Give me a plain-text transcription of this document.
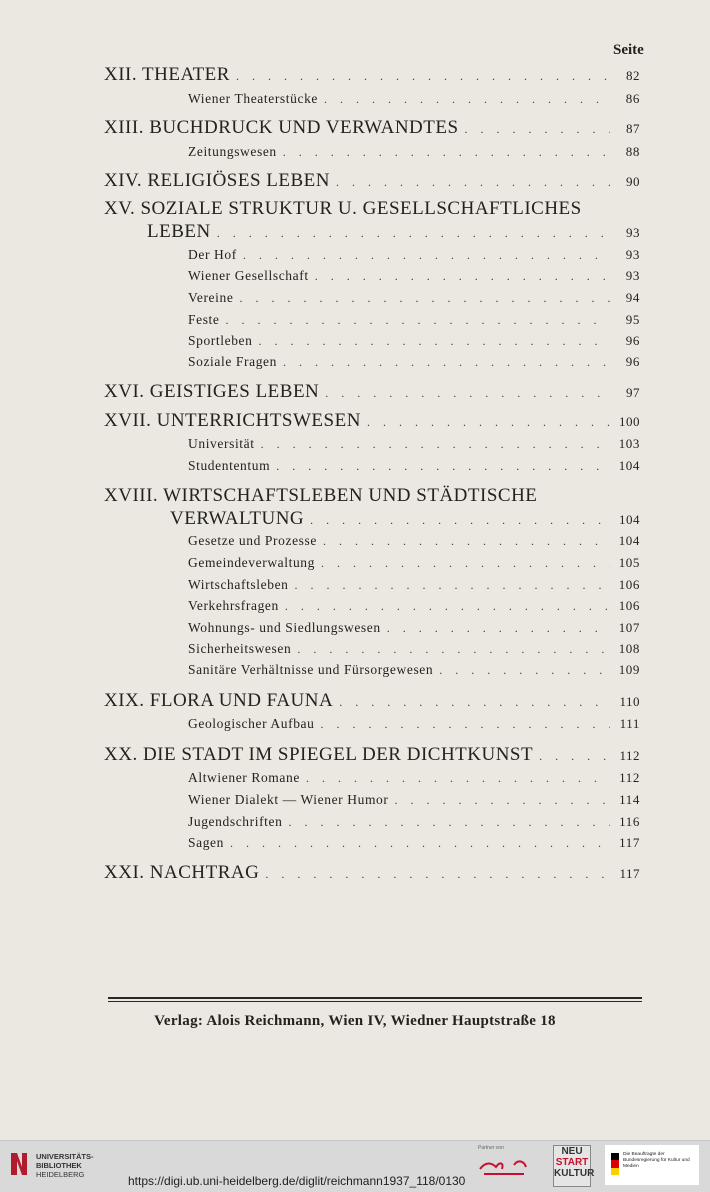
Seite
XII. THEATER . . .	82
Wiener Theaterstücke . . .	86
XIII. BUCHDRUCK UND VERWANDTES . . .	87
Zeitungswesen . . .	88
XIV. RELIGIÖSES LEBEN . . .	90
XV. SOZIALE STRUKTUR U. GESELLSCHAFTLICHES
LEBEN . . .	93
Der Hof . . .	93
Wiener Gesellschaft . . .	93
Vereine . . .	94
Feste . . .	95
Sportleben . . .	96
Soziale Fragen . . .	96
XVI. GEISTIGES LEBEN . . .	97
XVII. UNTERRICHTSWESEN . . .	100
Universität . . .	103
Studententum . . .	104
XVIII. WIRTSCHAFTSLEBEN UND STÄDTISCHE
VERWALTUNG . . .	104
Gesetze und Prozesse . . .	104
Gemeindeverwaltung . . .	105
Wirtschaftsleben . . .	106
Verkehrsfragen . . .	106
Wohnungs- und Siedlungswesen . . .	107
Sicherheitswesen . . .	108
Sanitäre Verhältnisse und Fürsorgewesen . . .	109
XIX. FLORA UND FAUNA . . .	110
Geologischer Aufbau . . .	111
XX. DIE STADT IM SPIEGEL DER DICHTKUNST . . .	112
Altwiener Romane . . .	112
Wiener Dialekt — Wiener Humor . . .	114
Jugendschriften . . .	116
Sagen . . .	117
XXI. NACHTRAG . . .	117
Verlag: Alois Reichmann, Wien IV, Wiedner Hauptstraße 18
UNIVERSITÄTS-
BIBLIOTHEK
HEIDELBERG	https://digi.ub.uni-heidelberg.de/diglit/reichmann1937_118/0130
Partner von	NEU
START
KULTUR
Die Beauftragte der Bundesregierung für Kultur und Medien
